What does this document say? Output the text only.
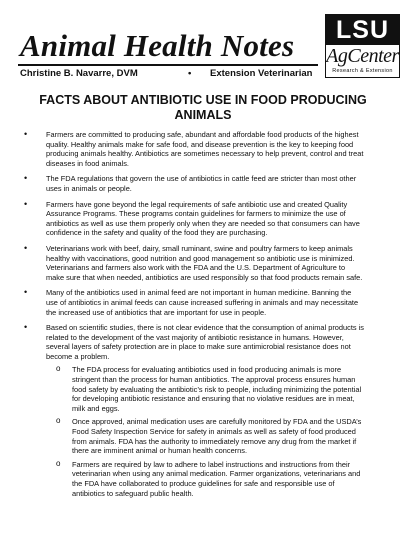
Animal Health Notes
Christine B. Navarre, DVM	• Extension Veterinarian
LSU
AgCenter
Research & Extension
FACTS ABOUT ANTIBIOTIC USE IN FOOD PRODUCING ANIMALS
• Farmers are committed to producing safe, abundant and affordable food products of the highest quality. Healthy animals make for safe food, and disease prevention is the key to keeping food producing animals healthy. Antibiotics are sometimes necessary to help prevent, control and treat diseases in food animals.
• The FDA regulations that govern the use of antibiotics in cattle feed are stricter than most other uses in animals or people.
• Farmers have gone beyond the legal requirements of safe antibiotic use and created Quality Assurance Programs. These programs contain guidelines for farmers to minimize the use of antibiotics as well as use them properly only when they are needed so that consumers can have confidence in the safety and quality of the food they are purchasing.
• Veterinarians work with beef, dairy, small ruminant, swine and poultry farmers to keep animals healthy with vaccinations, good nutrition and good management so antibiotic use is minimized. Veterinarians and farmers also work with the FDA and the U.S. Department of Agriculture to make sure that when needed, antibiotics are used responsibly so that food products remain safe.
• Many of the antibiotics used in animal feed are not important in human medicine. Banning the use of antibiotics in animal feeds can cause increased suffering in animals and may necessitate the increased use of antibiotics that are important for use in people.
• Based on scientific studies, there is not clear evidence that the consumption of animal products is related to the development of the vast majority of antibiotic resistance in humans. However, several layers of safety protection are in place to make sure antimicrobial resistance does not become a problem.
o The FDA process for evaluating antibiotics used in food producing animals is more stringent than the process for human antibiotics. The approval process ensures human food safety by evaluating the antibiotic’s risk to people, including minimizing the potential for developing antibiotic resistance and ensuring that no violative residues are in meat, milk and eggs.
o Once approved, animal medication uses are carefully monitored by FDA and the USDA’s Food Safety Inspection Service for safety in animals as well as safety of food produced from animals. FDA has the authority to immediately remove any drug from the market if there are imminent animal or human health concerns.
o Farmers are required by law to adhere to label instructions and instructions from their veterinarian when using any animal medication. Farmer organizations, veterinarians and the FDA have collaborated to produce guidelines for safe and responsible use of antibiotics to safeguard public health.
